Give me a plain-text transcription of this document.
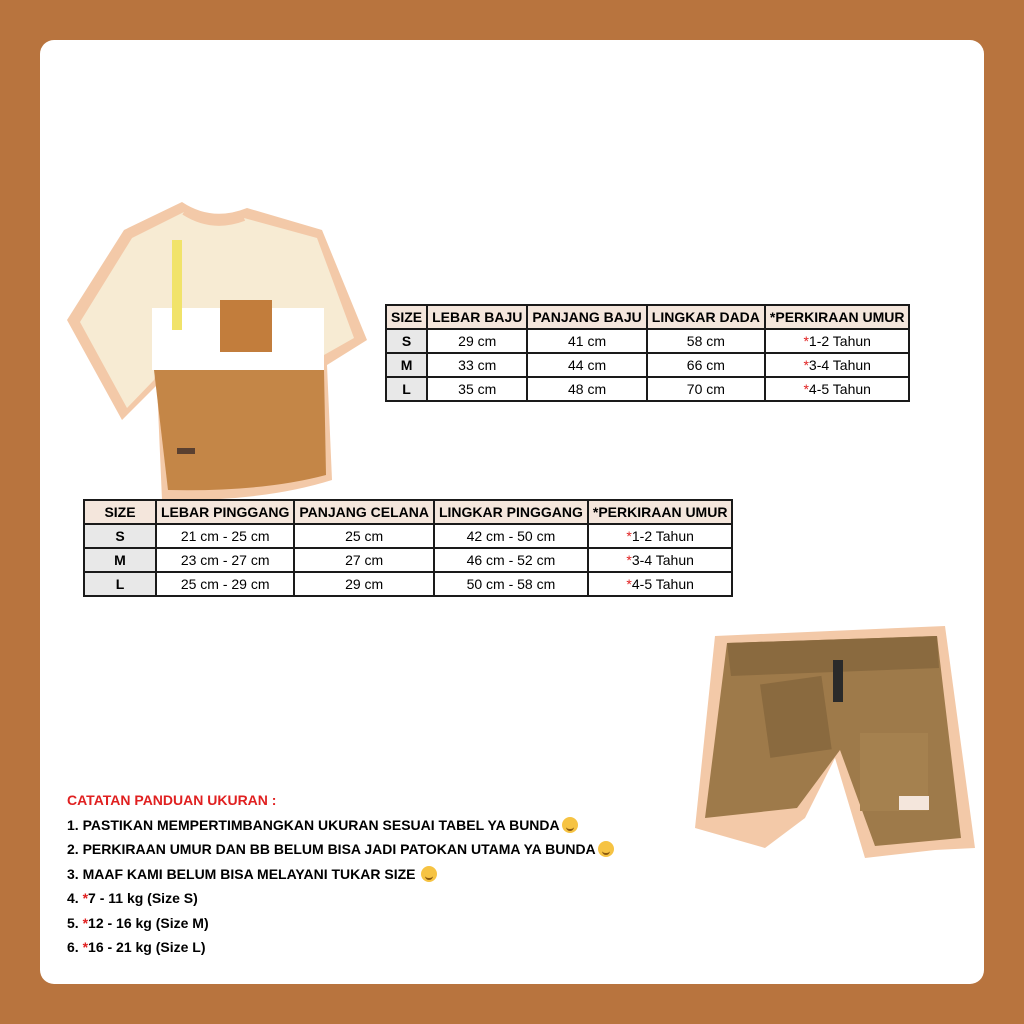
SIZE	LEBAR BAJU	PANJANG BAJU	LINGKAR DADA	*PERKIRAAN UMUR
S	29 cm	41 cm	58 cm	*1-2 Tahun
M	33 cm	44 cm	66 cm	*3-4 Tahun
L	35 cm	48 cm	70 cm	*4-5 Tahun
SIZE	LEBAR PINGGANG	PANJANG CELANA	LINGKAR PINGGANG	*PERKIRAAN UMUR
S	21 cm - 25 cm	25 cm	42 cm - 50 cm	*1-2 Tahun
M	23 cm - 27 cm	27 cm	46 cm - 52 cm	*3-4 Tahun
L	25 cm - 29 cm	29 cm	50 cm - 58 cm	*4-5 Tahun
CATATAN PANDUAN UKURAN :
1. PASTIKAN MEMPERTIMBANGKAN UKURAN SESUAI TABEL YA BUNDA
2. PERKIRAAN UMUR DAN BB BELUM BISA JADI PATOKAN UTAMA YA BUNDA
3. MAAF KAMI BELUM BISA MELAYANI TUKAR SIZE
4. *7 - 11 kg (Size S)
5. *12 - 16 kg (Size M)
6. *16 - 21 kg (Size L)
